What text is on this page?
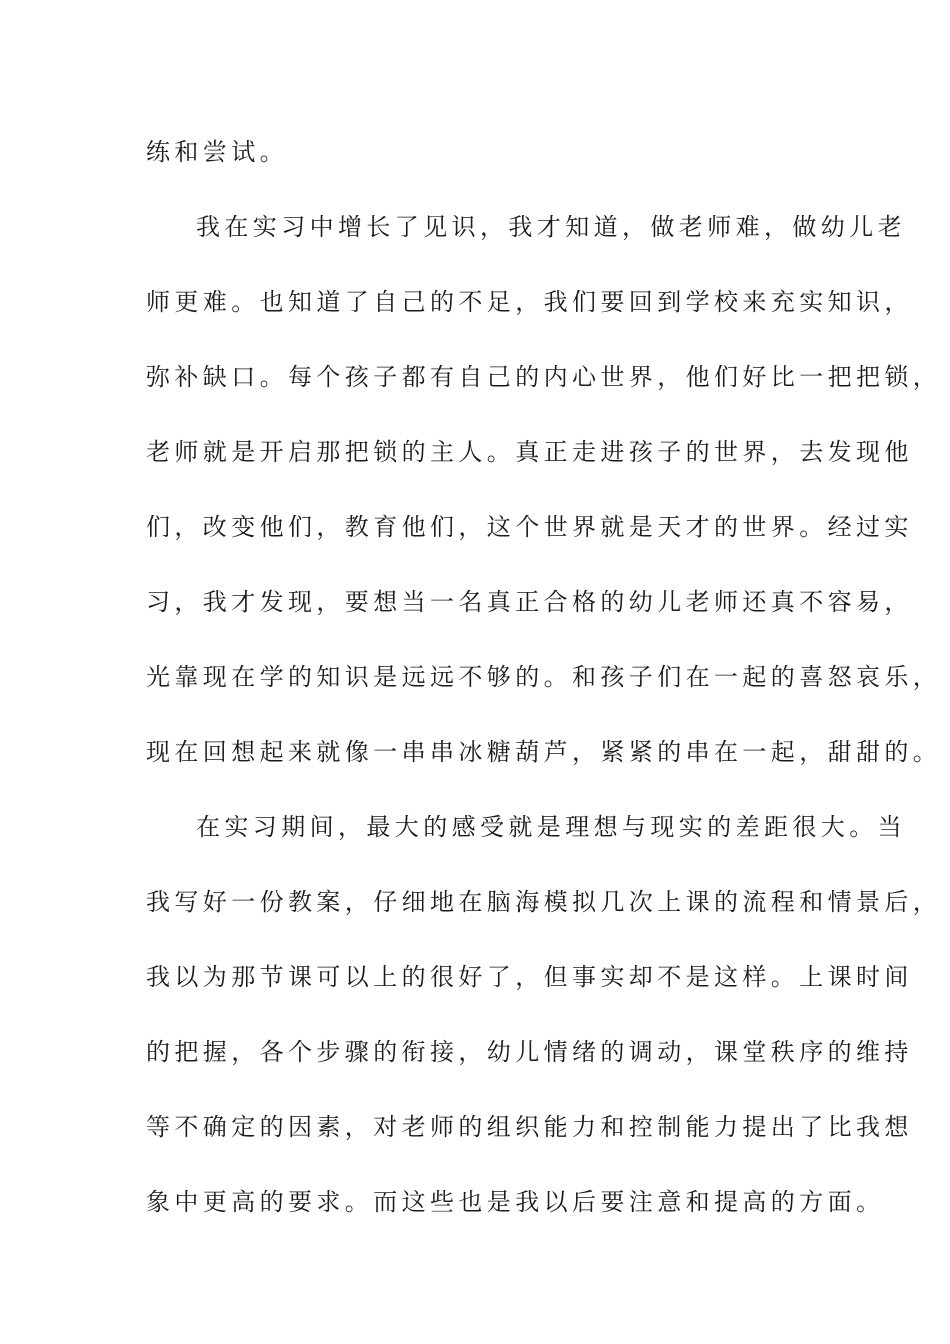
练和尝试。

我在实习中增长了见识，我才知道，做老师难，做幼儿老

师更难。也知道了自己的不足，我们要回到学校来充实知识，

弥补缺口。每个孩子都有自己的内心世界，他们好比一把把锁，

老师就是开启那把锁的主人。真正走进孩子的世界，去发现他

们，改变他们，教育他们，这个世界就是天才的世界。经过实

习，我才发现，要想当一名真正合格的幼儿老师还真不容易，

光靠现在学的知识是远远不够的。和孩子们在一起的喜怒哀乐，

现在回想起来就像一串串冰糖葫芦，紧紧的串在一起，甜甜的。

在实习期间，最大的感受就是理想与现实的差距很大。当

我写好一份教案，仔细地在脑海模拟几次上课的流程和情景后，

我以为那节课可以上的很好了，但事实却不是这样。上课时间

的把握，各个步骤的衔接，幼儿情绪的调动，课堂秩序的维持

等不确定的因素，对老师的组织能力和控制能力提出了比我想

象中更高的要求。而这些也是我以后要注意和提高的方面。
